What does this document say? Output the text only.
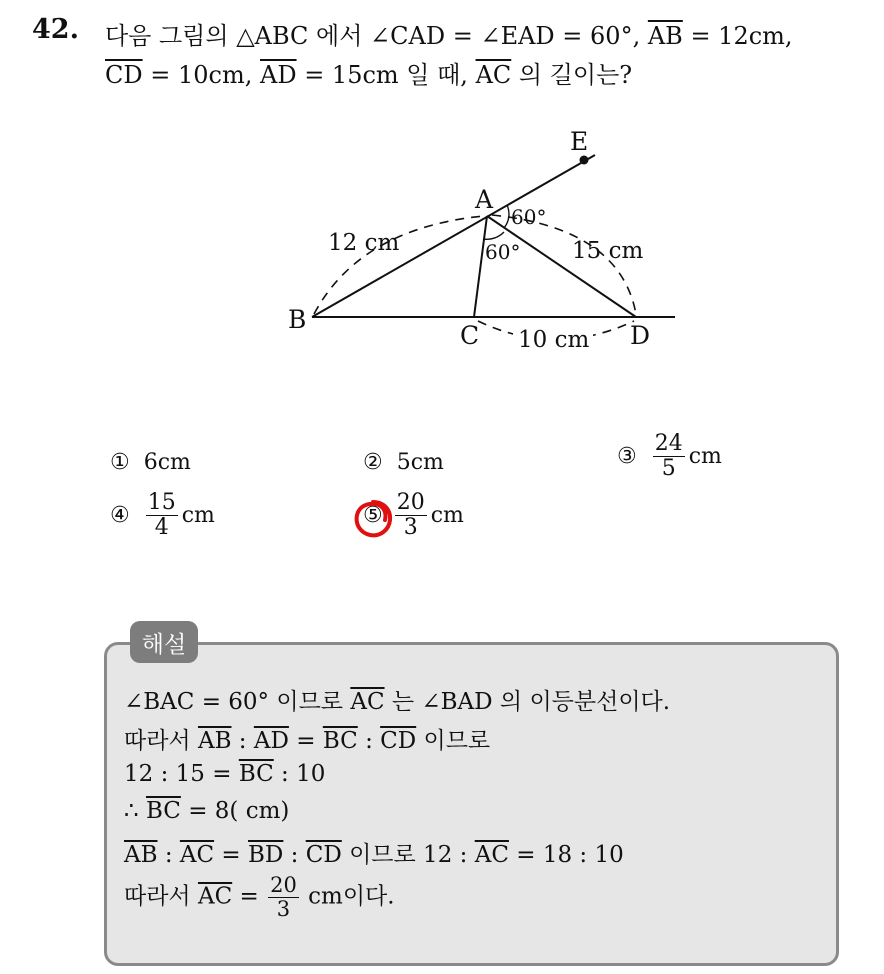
42. 다음 그림의 △ABC 에서 ∠CAD = ∠EAD = 60°, $\overline{AB} = 12cm$,
$\overline{CD} = 10cm$, $\overline{AD} = 15cm$ 일 때, $\overline{AC}$ 의 길이는?
E
A
B
C	D
12 cm	15 cm
10 cm
60°
60°
① 6cm	② 5cm	③ $\frac{24}{5}$ cm
④ $\frac{15}{4}$ cm	⑤ $\frac{20}{3}$ cm
해설
∠BAC = 60° 이므로 $\overline{AC}$ 는 ∠BAD 의 이등분선이다.
따라서 $\overline{AB}$ : $\overline{AD} = \overline{BC}$ : $\overline{CD}$ 이므로
12 : $15 = \overline{BC}$ : 10
∴ $\overline{BC} = 8$( cm)
$\overline{AB}$ : $\overline{AC} = \overline{BD}$ : $\overline{CD}$ 이므로 12 : $\overline{AC} = 18$ : 10
따라서 $\overline{AC} = \frac{20}{3}$ cm이다.
